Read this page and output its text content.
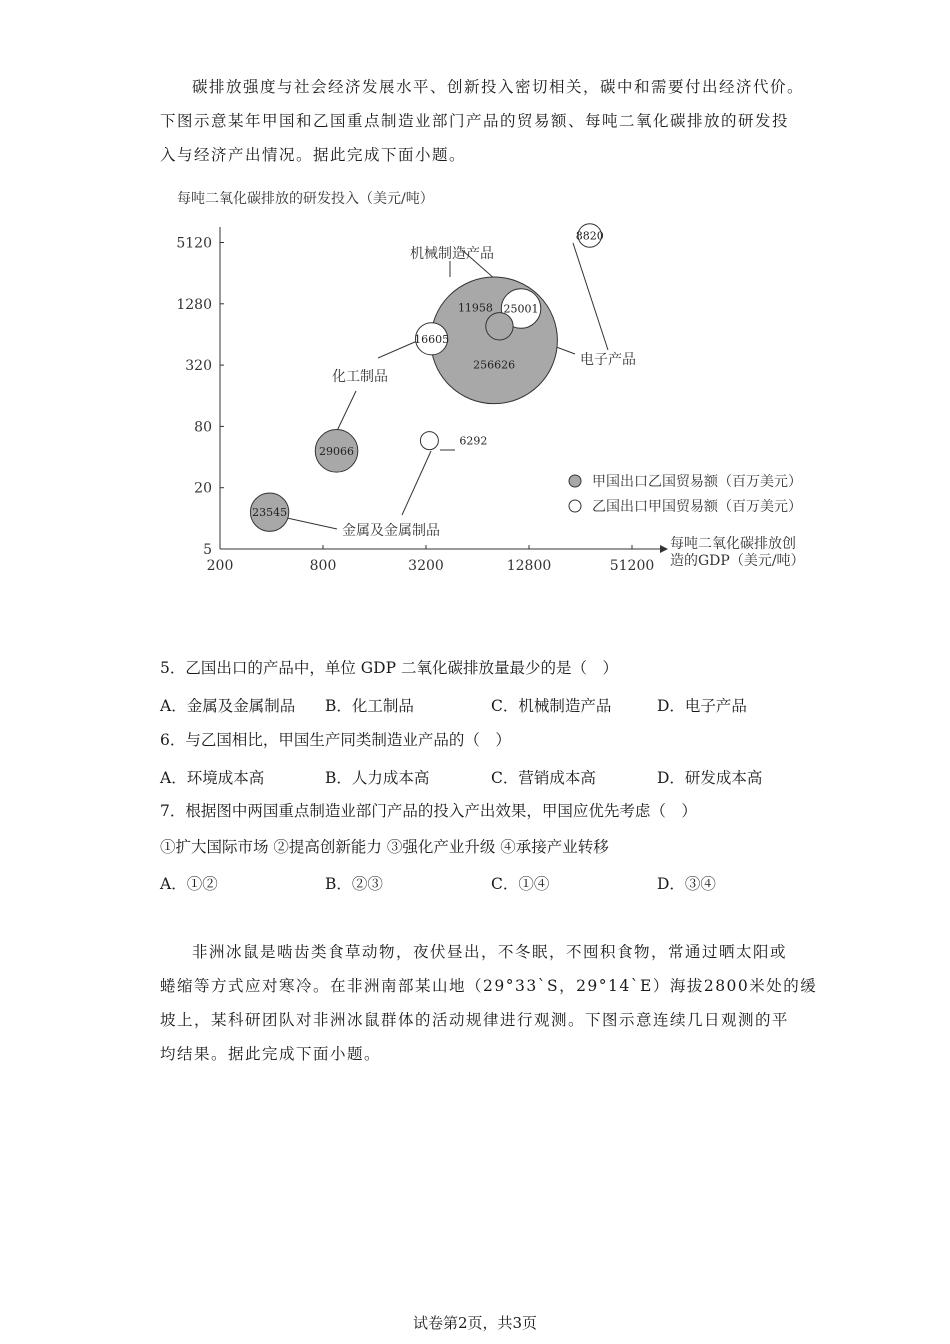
碳排放强度与社会经济发展水平、创新投入密切相关，碳中和需要付出经济代价。
下图示意某年甲国和乙国重点制造业部门产品的贸易额、每吨二氧化碳排放的研发投
入与经济产出情况。据此完成下面小题。
每吨二氧化碳排放的研发投入（美元/吨）
每吨二氧化碳排放创
造的GDP（美元/吨）
200	800	3200	12800	51200
5
20
80
320
1280
5120
256626
29066
25001
23545
16605
11958
8820
6292
机械制造产品
化工制品
电子产品
金属及金属制品
甲国出口乙国贸易额（百万美元）
乙国出口甲国贸易额（百万美元）

5．乙国出口的产品中，单位 GDP 二氧化碳排放量最少的是（　）

A．金属及金属制品 B．化工制品	C．机械制造产品	D．电子产品

6．与乙国相比，甲国生产同类制造业产品的（　）

A．环境成本高	B．人力成本高	C．营销成本高	D．研发成本高

7．根据图中两国重点制造业部门产品的投入产出效果，甲国应优先考虑（　）

①扩大国际市场 ②提高创新能力 ③强化产业升级 ④承接产业转移

A．①②	B．②③	C．①④	D．③④
非洲冰鼠是啮齿类食草动物，夜伏昼出，不冬眠，不囤积食物，常通过晒太阳或
蜷缩等方式应对寒冷。在非洲南部某山地（29°33`S，29°14`E）海拔2800米处的缓
坡上，某科研团队对非洲冰鼠群体的活动规律进行观测。下图示意连续几日观测的平
均结果。据此完成下面小题。
试卷第2页，共3页
